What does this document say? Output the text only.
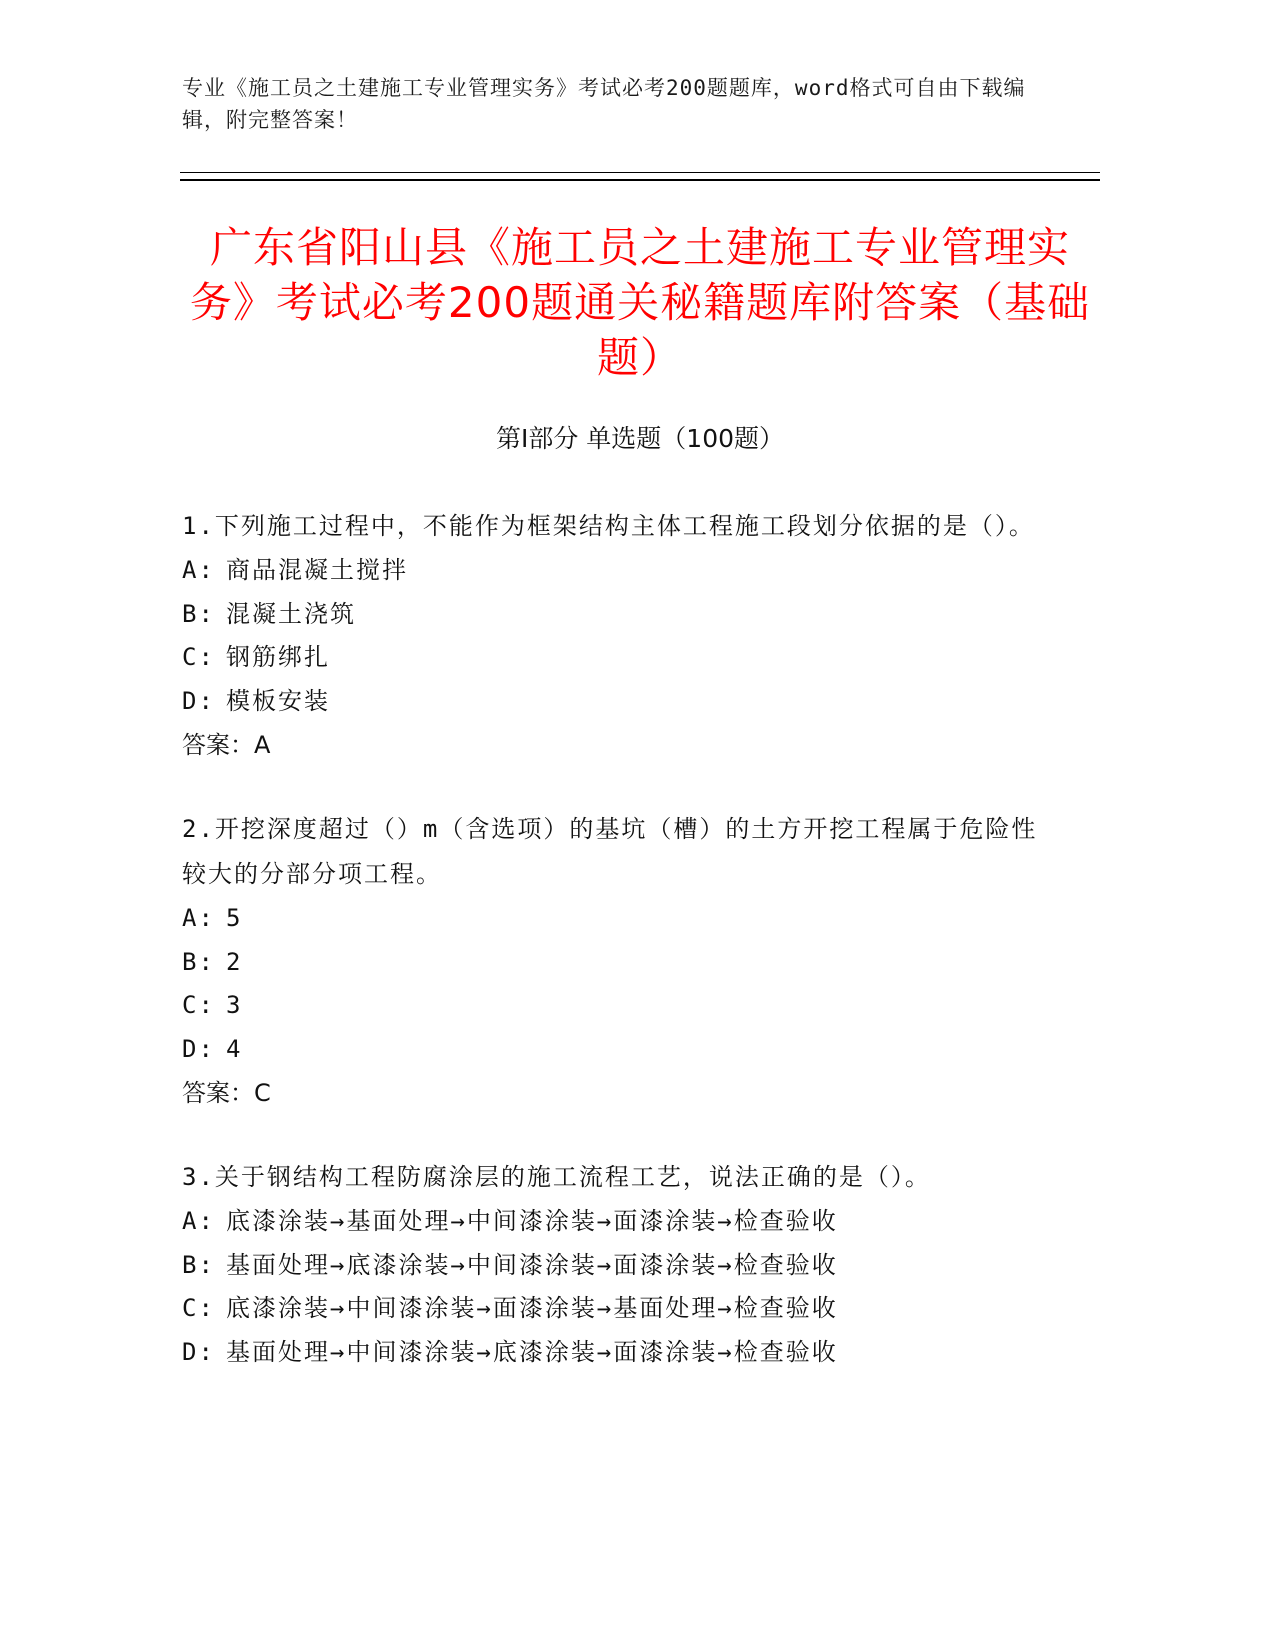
专业《施工员之土建施工专业管理实务》考试必考200题题库，word格式可自由下载编辑，附完整答案！
广东省阳山县《施工员之土建施工专业管理实务》考试必考200题通关秘籍题库附答案（基础题）
第I部分 单选题（100题）

1.下列施工过程中，不能作为框架结构主体工程施工段划分依据的是（）。

A: 商品混凝土搅拌

B: 混凝土浇筑

C: 钢筋绑扎

D: 模板安装

答案：A

2.开挖深度超过（）m（含选项）的基坑（槽）的土方开挖工程属于危险性较大的分部分项工程。

A: 5

B: 2

C: 3

D: 4

答案：C

3.关于钢结构工程防腐涂层的施工流程工艺，说法正确的是（）。

A: 底漆涂装→基面处理→中间漆涂装→面漆涂装→检查验收

B: 基面处理→底漆涂装→中间漆涂装→面漆涂装→检查验收

C: 底漆涂装→中间漆涂装→面漆涂装→基面处理→检查验收

D: 基面处理→中间漆涂装→底漆涂装→面漆涂装→检查验收
